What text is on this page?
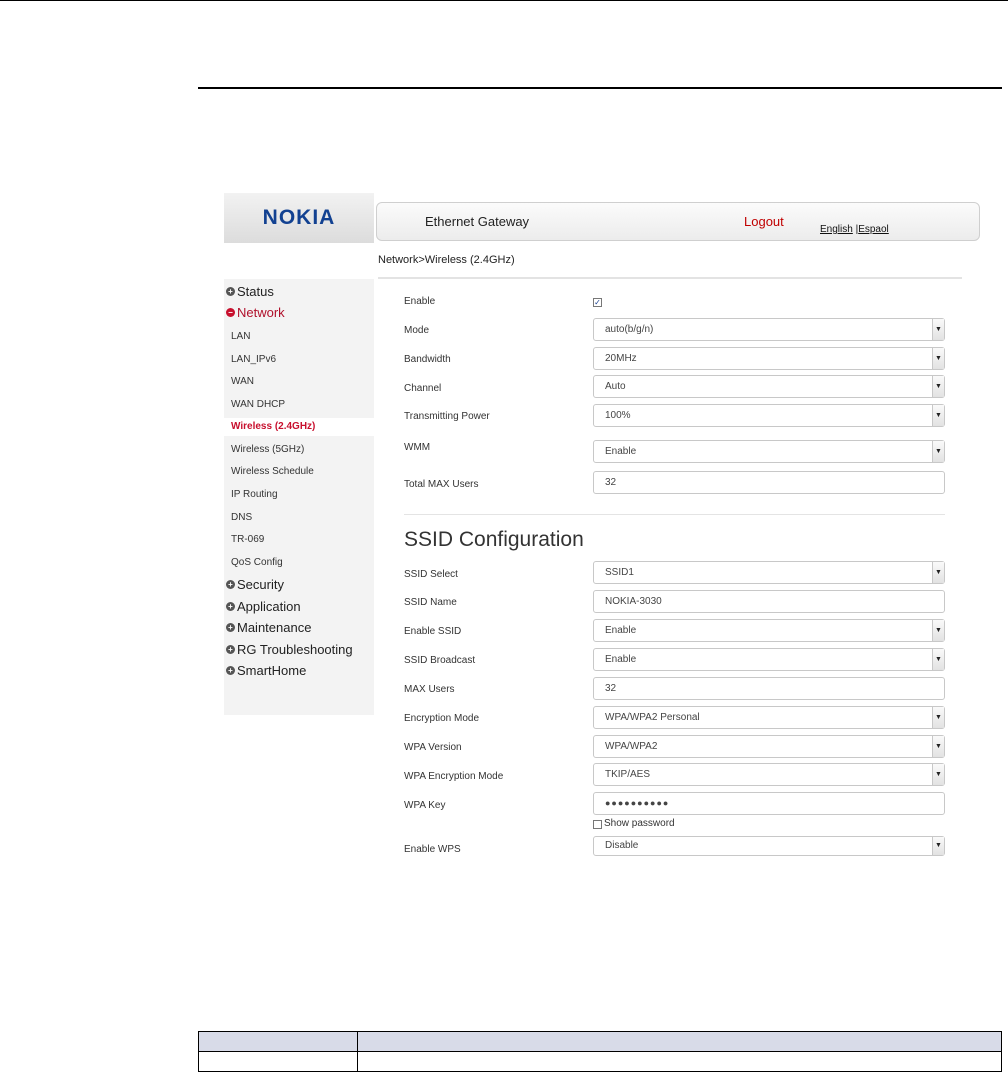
NOKIA	Ethernet Gateway	Logout
English |Espaol
Network>Wireless (2.4GHz)
+ Status
− Network
LAN
LAN_IPv6
WAN
WAN DHCP
Wireless (2.4GHz)
Wireless (5GHz)
Wireless Schedule
IP Routing
DNS
TR-069
QoS Config
+ Security
+ Application
+ Maintenance
+ RG Troubleshooting
+ SmartHome
Enable	✓
Mode	auto(b/g/n)	▼
Bandwidth	20MHz	▼
Channel	Auto	▼
Transmitting Power	100%	▼
WMM	Enable	▼
Total MAX Users	32
SSID Configuration
SSID Select	SSID1	▼
SSID Name	NOKIA-3030
Enable SSID	Enable	▼
SSID Broadcast	Enable	▼
MAX Users	32
Encryption Mode	WPA/WPA2 Personal	▼
WPA Version	WPA/WPA2	▼
WPA Encryption Mode	TKIP/AES	▼
WPA Key	●●●●●●●●●●
Show password
Enable WPS	Disable	▼
